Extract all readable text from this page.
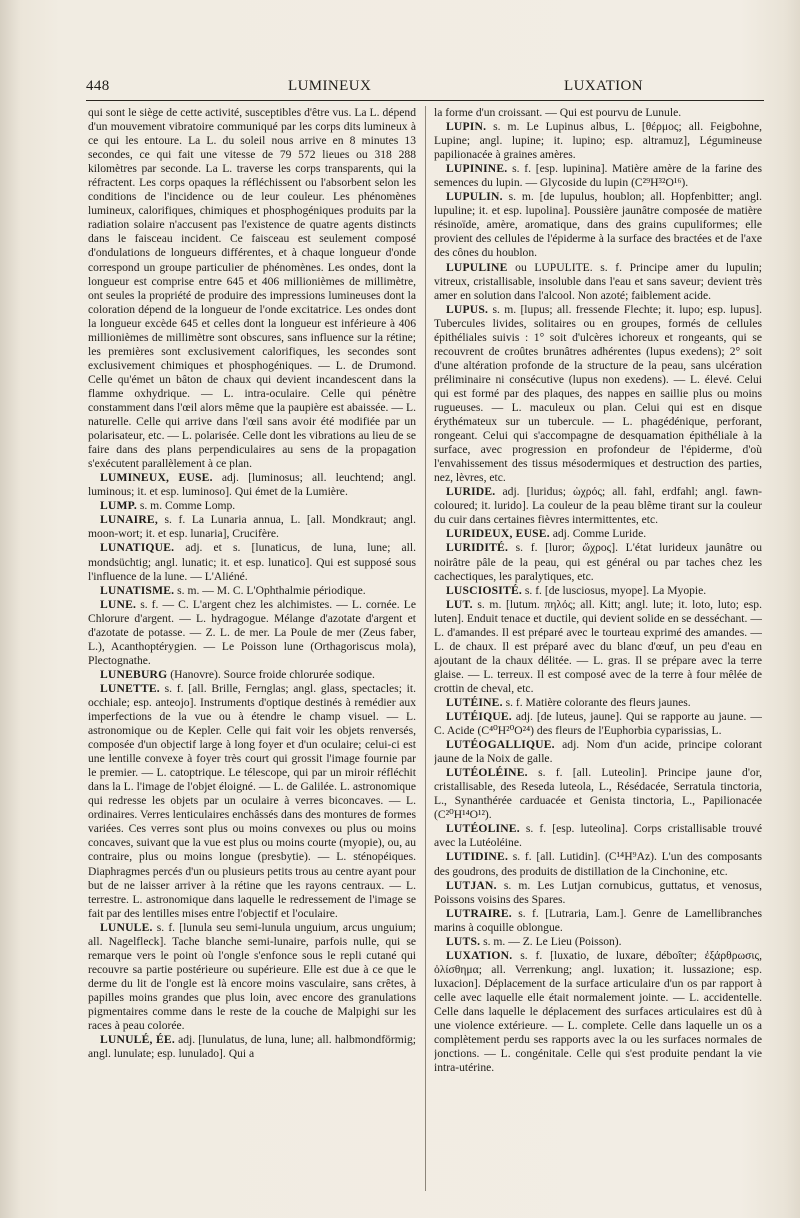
448	LUMINEUX	LUXATION

qui sont le siège de cette activité, susceptibles d'être vus. La L. dépend d'un mouvement vibratoire communiqué par les corps dits lumineux à ce qui les entoure. La L. du soleil nous arrive en 8 minutes 13 secondes, ce qui fait une vitesse de 79 572 lieues ou 318 288 kilomètres par seconde. La L. traverse les corps transparents, qui la réfractent. Les corps opaques la réfléchissent ou l'absorbent selon les conditions de l'incidence ou de leur couleur. Les phénomènes lumineux, calorifiques, chimiques et phosphogéniques produits par la radiation solaire n'accusent pas l'existence de quatre agents distincts dans le faisceau incident. Ce faisceau est seulement composé d'ondulations de longueurs différentes, et à chaque longueur d'onde correspond un groupe particulier de phénomènes. Les ondes, dont la longueur est comprise entre 645 et 406 millionièmes de millimètre, ont seules la propriété de produire des impressions lumineuses dont la coloration dépend de la longueur de l'onde excitatrice. Les ondes dont la longueur excède 645 et celles dont la longueur est inférieure à 406 millionièmes de millimètre sont obscures, sans influence sur la rétine; les premières sont exclusivement calorifiques, les secondes sont exclusivement chimiques et phosphogéniques. — L. de Drumond. Celle qu'émet un bâton de chaux qui devient incandescent dans la flamme oxhydrique. — L. intra-oculaire. Celle qui pénètre constamment dans l'œil alors même que la paupière est abaissée. — L. naturelle. Celle qui arrive dans l'œil sans avoir été modifiée par un polarisateur, etc. — L. polarisée. Celle dont les vibrations au lieu de se faire dans des plans perpendiculaires au sens de la propagation s'exécutent parallèlement à ce plan.

LUMINEUX, EUSE. adj. [luminosus; all. leuchtend; angl. luminous; it. et esp. luminoso]. Qui émet de la Lumière.

LUMP. s. m. Comme Lomp.

LUNAIRE, s. f. La Lunaria annua, L. [all. Mondkraut; angl. moon-wort; it. et esp. lunaria], Crucifère.

LUNATIQUE. adj. et s. [lunaticus, de luna, lune; all. mondsüchtig; angl. lunatic; it. et esp. lunatico]. Qui est supposé sous l'influence de la lune. — L'Aliéné.

LUNATISME. s. m. — M. C. L'Ophthalmie périodique.

LUNE. s. f. — C. L'argent chez les alchimistes. — L. cornée. Le Chlorure d'argent. — L. hydragogue. Mélange d'azotate d'argent et d'azotate de potasse. — Z. L. de mer. La Poule de mer (Zeus faber, L.), Acanthoptérygien. — Le Poisson lune (Orthagoriscus mola), Plectognathe.

LUNEBURG (Hanovre). Source froide chlorurée sodique.

LUNETTE. s. f. [all. Brille, Fernglas; angl. glass, spectacles; it. occhiale; esp. anteojo]. Instruments d'optique destinés à remédier aux imperfections de la vue ou à étendre le champ visuel. — L. astronomique ou de Kepler. Celle qui fait voir les objets renversés, composée d'un objectif large à long foyer et d'un oculaire; celui-ci est une lentille convexe à foyer très court qui grossit l'image fournie par le premier. — L. catoptrique. Le télescope, qui par un miroir réfléchit dans la L. l'image de l'objet éloigné. — L. de Galilée. L. astronomique qui redresse les objets par un oculaire à verres biconcaves. — L. ordinaires. Verres lenticulaires enchâssés dans des montures de formes variées. Ces verres sont plus ou moins convexes ou plus ou moins concaves, suivant que la vue est plus ou moins courte (myopie), ou, au contraire, plus ou moins longue (presbytie). — L. sténopéiques. Diaphragmes percés d'un ou plusieurs petits trous au centre ayant pour but de ne laisser arriver à la rétine que les rayons centraux. — L. terrestre. L. astronomique dans laquelle le redressement de l'image se fait par des lentilles mises entre l'objectif et l'oculaire.

LUNULE. s. f. [lunula seu semi-lunula unguium, arcus unguium; all. Nagelfleck]. Tache blanche semi-lunaire, parfois nulle, qui se remarque vers le point où l'ongle s'enfonce sous le repli cutané qui recouvre sa partie postérieure ou supérieure. Elle est due à ce que le derme du lit de l'ongle est là encore moins vasculaire, sans crêtes, à papilles moins grandes que plus loin, avec encore des granulations pigmentaires comme dans le reste de la couche de Malpighi sur les races à peau colorée.

LUNULÉ, ÉE. adj. [lunulatus, de luna, lune; all. halbmondförmig; angl. lunulate; esp. lunulado]. Qui a

la forme d'un croissant. — Qui est pourvu de Lunule.

LUPIN. s. m. Le Lupinus albus, L. [θέρμος; all. Feigbohne, Lupine; angl. lupine; it. lupino; esp. altramuz], Légumineuse papilionacée à graines amères.

LUPININE. s. f. [esp. lupinina]. Matière amère de la farine des semences du lupin. — Glycoside du lupin (C²⁹H³²O¹⁶).

LUPULIN. s. m. [de lupulus, houblon; all. Hopfenbitter; angl. lupuline; it. et esp. lupolina]. Poussière jaunâtre composée de matière résinoïde, amère, aromatique, dans des grains cupuliformes; elle provient des cellules de l'épiderme à la surface des bractées et de l'axe des cônes du houblon.

LUPULINE ou LUPULITE. s. f. Principe amer du lupulin; vitreux, cristallisable, insoluble dans l'eau et sans saveur; devient très amer en solution dans l'alcool. Non azoté; faiblement acide.

LUPUS. s. m. [lupus; all. fressende Flechte; it. lupo; esp. lupus]. Tubercules livides, solitaires ou en groupes, formés de cellules épithéliales suivis : 1° soit d'ulcères ichoreux et rongeants, qui se recouvrent de croûtes brunâtres adhérentes (lupus exedens); 2° soit d'une altération profonde de la structure de la peau, sans ulcération préliminaire ni consécutive (lupus non exedens). — L. élevé. Celui qui est formé par des plaques, des nappes en saillie plus ou moins rugueuses. — L. maculeux ou plan. Celui qui est en disque érythémateux sur un tubercule. — L. phagédénique, perforant, rongeant. Celui qui s'accompagne de desquamation épithéliale à la surface, avec progression en profondeur de l'épiderme, d'où l'envahissement des tissus mésodermiques et destruction des parties, nez, lèvres, etc.

LURIDE. adj. [luridus; ὠχρός; all. fahl, erdfahl; angl. fawn-coloured; it. lurido]. La couleur de la peau blême tirant sur la couleur du cuir dans certaines fièvres intermittentes, etc.

LURIDEUX, EUSE. adj. Comme Luride.

LURIDITÉ. s. f. [luror; ὤχρος]. L'état lurideux jaunâtre ou noirâtre pâle de la peau, qui est général ou par taches chez les cachectiques, les paralytiques, etc.

LUSCIOSITÉ. s. f. [de lusciosus, myope]. La Myopie.

LUT. s. m. [lutum. πηλός; all. Kitt; angl. lute; it. loto, luto; esp. luten]. Enduit tenace et ductile, qui devient solide en se desséchant. — L. d'amandes. Il est préparé avec le tourteau exprimé des amandes. — L. de chaux. Il est préparé avec du blanc d'œuf, un peu d'eau en ajoutant de la chaux délitée. — L. gras. Il se prépare avec la terre glaise. — L. terreux. Il est composé avec de la terre à four mêlée de crottin de cheval, etc.

LUTÉINE. s. f. Matière colorante des fleurs jaunes.

LUTÉIQUE. adj. [de luteus, jaune]. Qui se rapporte au jaune. — C. Acide (C⁴⁰H²⁰O²⁴) des fleurs de l'Euphorbia cyparissias, L.

LUTÉOGALLIQUE. adj. Nom d'un acide, principe colorant jaune de la Noix de galle.

LUTÉOLÉINE. s. f. [all. Luteolin]. Principe jaune d'or, cristallisable, des Reseda luteola, L., Résédacée, Serratula tinctoria, L., Synanthérée carduacée et Genista tinctoria, L., Papilionacée (C²⁰H¹⁴O¹²).

LUTÉOLINE. s. f. [esp. luteolina]. Corps cristallisable trouvé avec la Lutéoléine.

LUTIDINE. s. f. [all. Lutidin]. (C¹⁴H⁹Az). L'un des composants des goudrons, des produits de distillation de la Cinchonine, etc.

LUTJAN. s. m. Les Lutjan cornubicus, guttatus, et venosus, Poissons voisins des Spares.

LUTRAIRE. s. f. [Lutraria, Lam.]. Genre de Lamellibranches marins à coquille oblongue.

LUTS. s. m. — Z. Le Lieu (Poisson).

LUXATION. s. f. [luxatio, de luxare, déboîter; ἐξάρθρωσις, ὀλίσθημα; all. Verrenkung; angl. luxation; it. lussazione; esp. luxacion]. Déplacement de la surface articulaire d'un os par rapport à celle avec laquelle elle était normalement jointe. — L. accidentelle. Celle dans laquelle le déplacement des surfaces articulaires est dû à une violence extérieure. — L. complete. Celle dans laquelle un os a complètement perdu ses rapports avec la ou les surfaces normales de jonctions. — L. congénitale. Celle qui s'est produite pendant la vie intra-utérine.
